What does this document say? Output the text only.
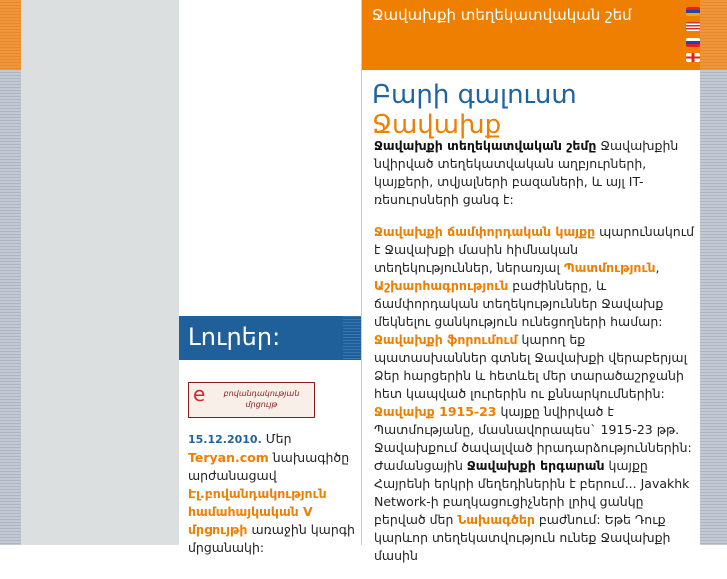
Լուրեր:
e բովանդակության
մրցույթ
15.12.2010. Մեր Teryan.com նախագիծը արժանացավ Էլ.բովանդակություն համահայկական V մրցույթի առաջին կարգի մրցանակի:
Ջավախքի տեղեկատվական շեմ
Բարի գալուստ Ջավախք

Ջավախքի տեղեկատվական շեմը Ջավախքին նվիրված տեղեկատվական աղբյուրների, կայքերի, տվյալների բազաների, և այլ IT-ռեսուրսների ցանգ է:

Ջավախքի ճամփորդական կայքը պարունակում է Ջավախքի մասին հիմնական տեղեկություններ, ներառյալ Պատմություն, Աշխարհագրություն բաժինները, և ճամփորդական տեղեկություններ Ջավախք մեկնելու ցանկություն ունեցողների համար: Ջավախքի ֆորումում կարող եք պատասխաններ գտնել Ջավախքի վերաբերյալ Ձեր հարցերին և հետևել մեր տարածաշրջանի հետ կապված լուրերին ու քննարկումներին: Ջավախք 1915-23 կայքը նվիրված է Պատմությանը, մասնավորապես` 1915-23 թթ. Ջավախքում ծավալված իրադարձություններին: Ժամանցային Ջավախքի երգարան կայքը Հայրենի երկրի մեղեդիներին է բերում... Javakhk Network-ի բաղկացուցիչների լրիվ ցանկը բերված մեր Նախագծեր բաժնում: Եթե Դուք կարևոր տեղեկատվություն ունեք Ջավախքի մասին
